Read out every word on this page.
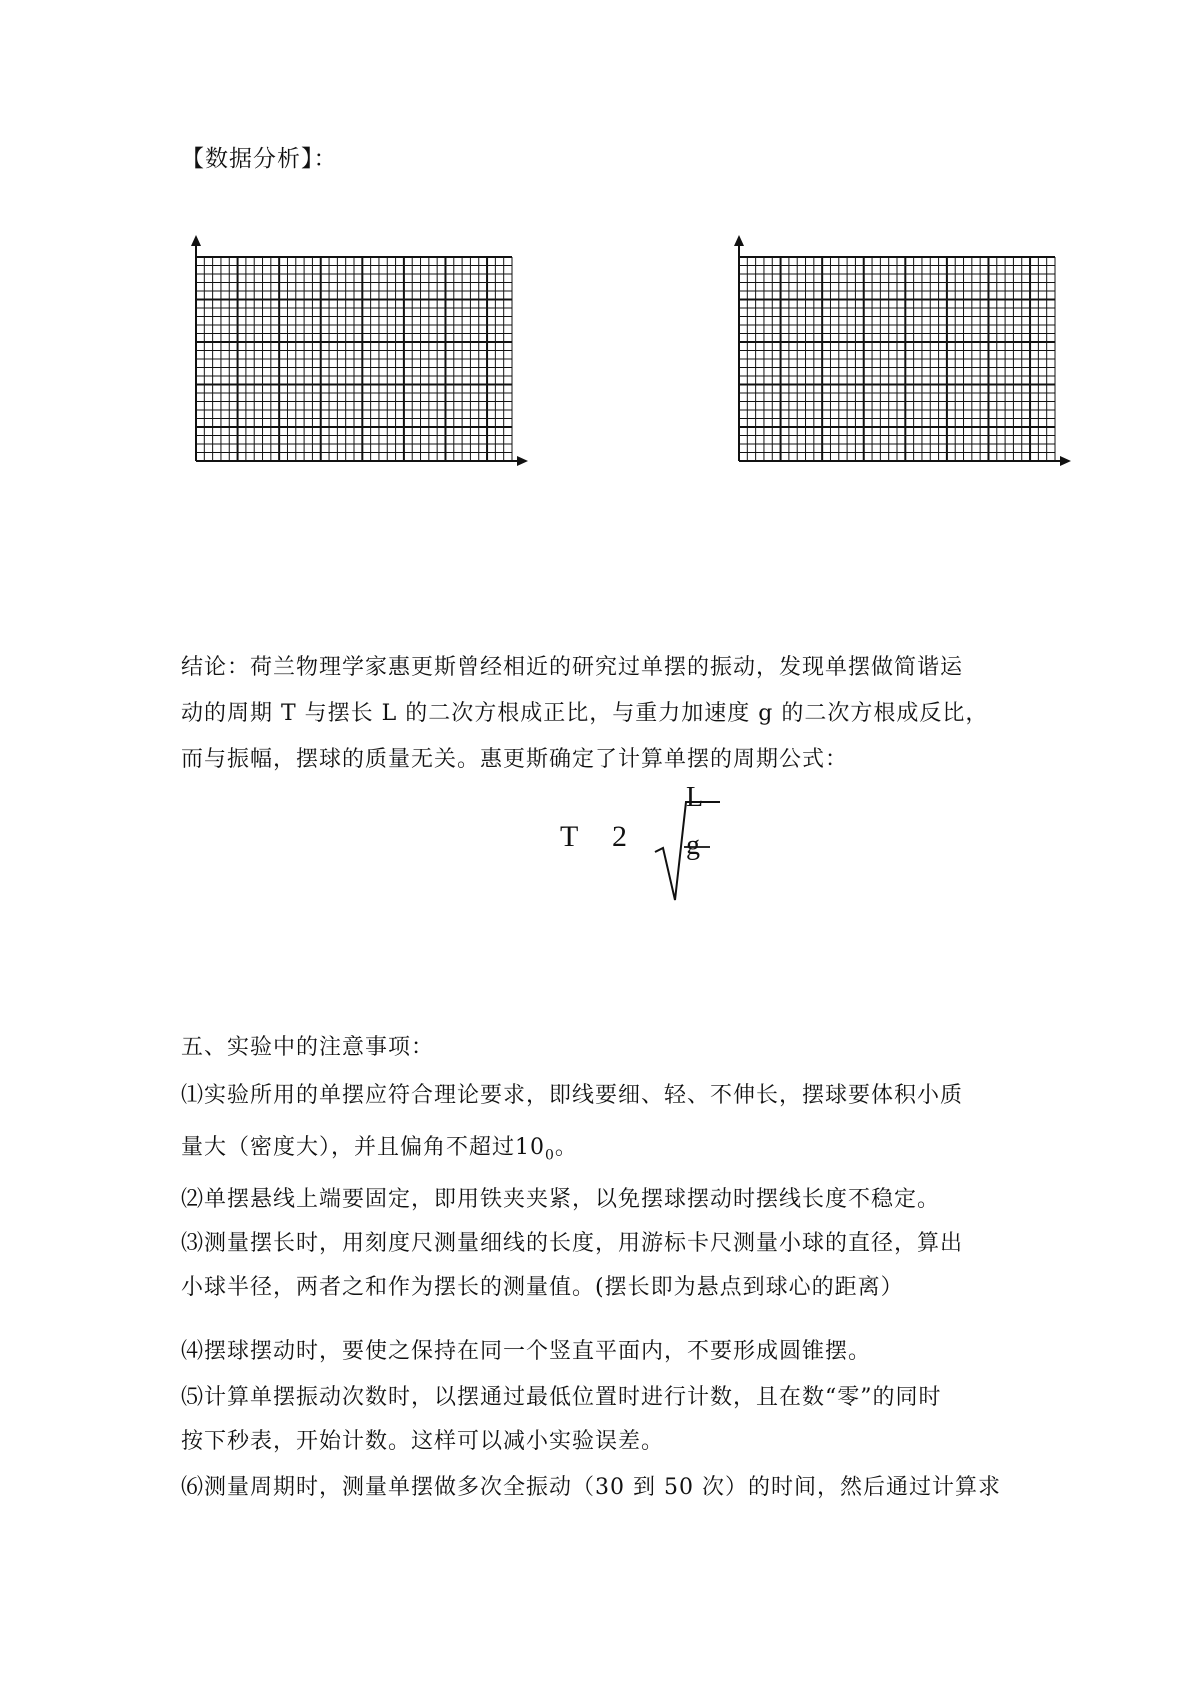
【数据分析】：
结论：荷兰物理学家惠更斯曾经相近的研究过单摆的振动，发现单摆做简谐运
动的周期 T 与摆长 L 的二次方根成正比，与重力加速度 g 的二次方根成反比，
而与振幅，摆球的质量无关。惠更斯确定了计算单摆的周期公式：
T 2
L
g

五、实验中的注意事项：

⑴实验所用的单摆应符合理论要求，即线要细、轻、不伸长，摆球要体积小质

量大（密度大），并且偏角不超过$10_0$。

⑵单摆悬线上端要固定，即用铁夹夹紧，以免摆球摆动时摆线长度不稳定。

⑶测量摆长时，用刻度尺测量细线的长度，用游标卡尺测量小球的直径，算出

小球半径，两者之和作为摆长的测量值。(摆长即为悬点到球心的距离）

⑷摆球摆动时，要使之保持在同一个竖直平面内，不要形成圆锥摆。

⑸计算单摆振动次数时，以摆通过最低位置时进行计数，且在数“零”的同时

按下秒表，开始计数。这样可以减小实验误差。

⑹测量周期时，测量单摆做多次全振动（30 到 50 次）的时间，然后通过计算求
